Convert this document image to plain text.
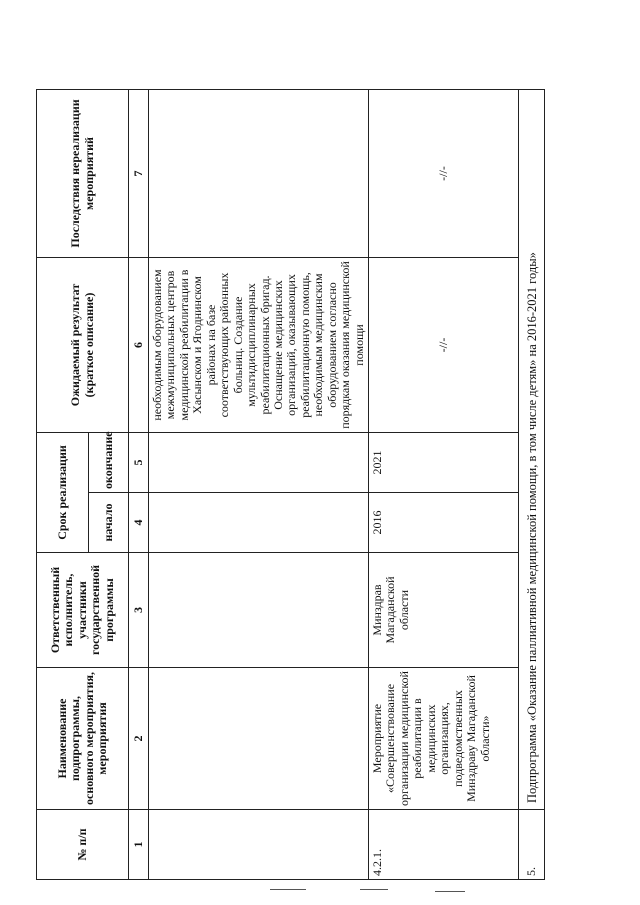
№ п/п	Наименование подпрограммы, основного мероприятия, мероприятия	Ответственный исполнитель, участники государственной программы	Срок реализации		Ожидаемый результат (краткое описание)	Последствия нереализации мероприятий
			начало	окончание		
1	2	3	4	5	6	7
					необходимым оборудованием межмуниципальных центров медицинской реабилитации в Хасынском и Ягоднинском районах на базе соответствующих районных больниц. Создание мультидисциплинарных реабилитационных бригад. Оснащение медицинских организаций, оказывающих реабилитационную помощь, необходимым медицинским оборудованием согласно порядкам оказания медицинской помощи	
4.2.1.	Мероприятие «Совершенствование организации медицинской реабилитации в медицинских организациях, подведомственных Минздраву Магаданской области»	Минздрав Магаданской области	2016	2021	-//-	-//-
5.	Подпрограмма «Оказание паллиативной медицинской помощи, в том числе детям» на 2016-2021 годы»					
